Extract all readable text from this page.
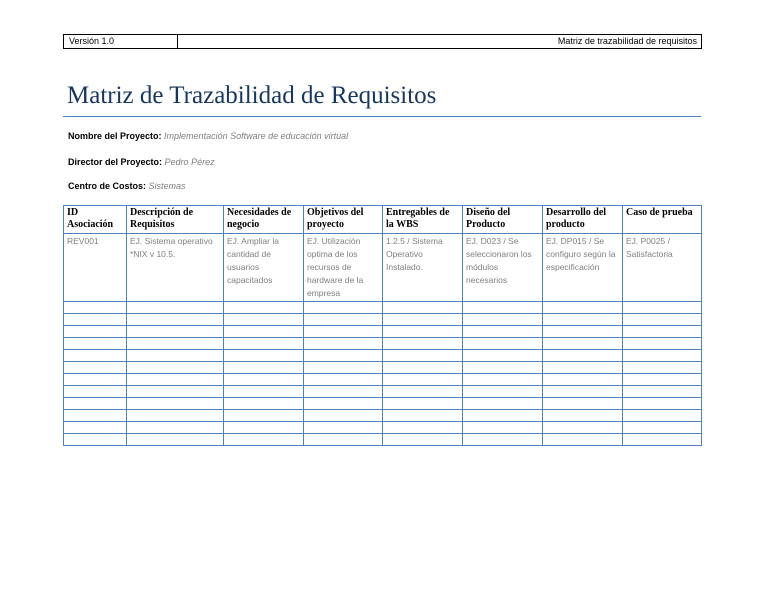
Versión 1.0	Matriz de trazabilidad de requisitos
Matriz de Trazabilidad de Requisitos
Nombre del Proyecto: Implementación Software de educación virtual
Director del Proyecto: Pedro Pérez
Centro de Costos: Sistemas
ID Asociación	Descripción de Requisitos	Necesidades de negocio	Objetivos del proyecto	Entregables de la WBS	Diseño del Producto	Desarrollo del producto	Caso de prueba
REV001	EJ. Sistema operativo *NIX v 10.5.	EJ. Ampliar la cantidad de usuarios capacitados	EJ. Utilización optima de los recursos de hardware de la empresa	1.2.5 / Sistema Operativo Instalado.	EJ. D023 / Se seleccionaron los módulos necesarios	EJ. DP015 / Se configuro según la especificación	EJ. P0025 / Satisfactoria
